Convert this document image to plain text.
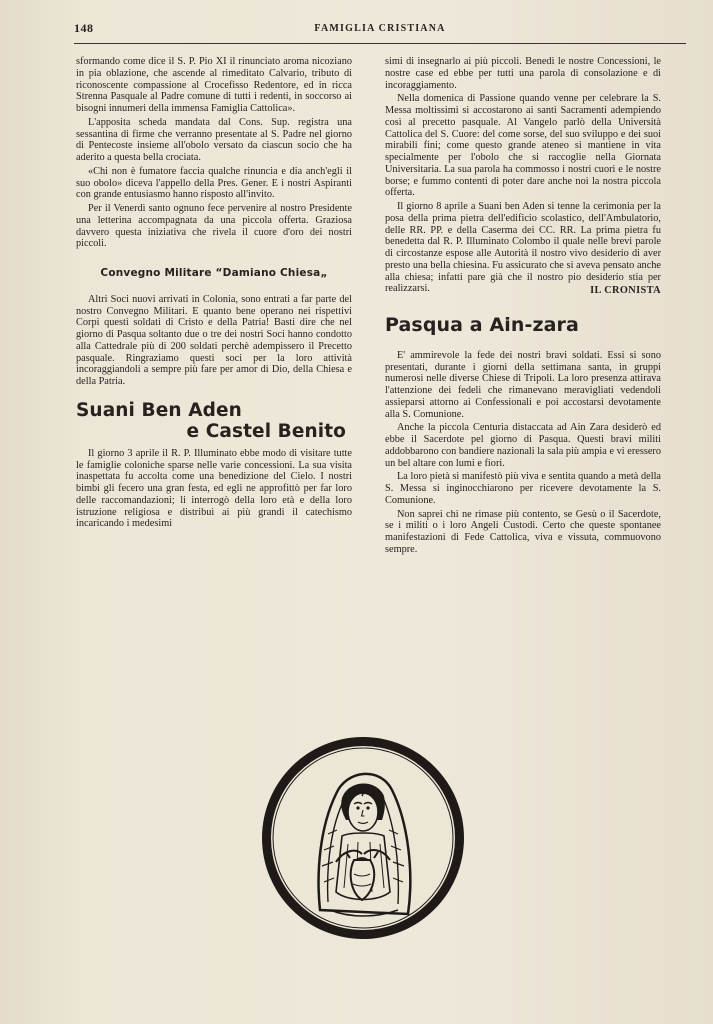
148	FAMIGLIA CRISTIANA

sformando come dice il S. P. Pio XI il rinunciato aroma nicoziano in pia oblazione, che ascende al rimeditato Calvario, tributo di riconoscente compassione al Crocefisso Redentore, ed in ricca Strenna Pasquale al Padre comune di tutti i redenti, in soccorso ai bisogni innumeri della immensa Famiglia Cattolica».

L'apposita scheda mandata dal Cons. Sup. registra una sessantina di firme che verranno presentate al S. Padre nel giorno di Pentecoste insieme all'obolo versato da ciascun socio che ha aderito a questa bella crociata.

«Chi non è fumatore faccia qualche rinuncia e dia anch'egli il suo obolo» diceva l'appello della Pres. Gener. E i nostri Aspiranti con grande entusiasmo hanno risposto all'invito.

Per il Venerdì santo ognuno fece pervenire al nostro Presidente una letterina accompagnata da una piccola offerta. Graziosa davvero questa iniziativa che rivela il cuore d'oro dei nostri piccoli.

Convegno Militare “Damiano Chiesa„

Altri Soci nuovi arrivati in Colonia, sono entrati a far parte del nostro Convegno Militari. E quanto bene operano nei rispettivi Corpi questi soldati di Cristo e della Patria! Basti dire che nel giorno di Pasqua soltanto due o tre dei nostri Soci hanno condotto alla Cattedrale più di 200 soldati perchè adempissero il Precetto pasquale. Ringraziamo questi soci per la loro attività incoraggiandoli a sempre più fare per amor di Dio, della Chiesa e della Patria.

Suani Ben Aden
e Castel Benito

Il giorno 3 aprile il R. P. Illuminato ebbe modo di visitare tutte le famiglie coloniche sparse nelle varie concessioni. La sua visita inaspettata fu accolta come una benedizione del Cielo. I nostri bimbi gli fecero una gran festa, ed egli ne approfittò per far loro delle raccomandazioni; li interrogò della loro età e della loro istruzione religiosa e distribuì ai più grandi il catechismo incaricando i medesimi

simi di insegnarlo ai più piccoli. Benedì le nostre Concessioni, le nostre case ed ebbe per tutti una parola di consolazione e di incoraggiamento.

Nella domenica di Passione quando venne per celebrare la S. Messa moltissimi si accostarono ai santi Sacramenti adempiendo così al precetto pasquale. Al Vangelo parlò della Università Cattolica del S. Cuore: del come sorse, del suo sviluppo e dei suoi mirabili fini; come questo grande ateneo si mantiene in vita specialmente per l'obolo che si raccoglie nella Giornata Universitaria. La sua parola ha commosso i nostri cuori e le nostre borse; e fummo contenti di poter dare anche noi la nostra piccola offerta.

Il giorno 8 aprile a Suani ben Aden si tenne la cerimonia per la posa della prima pietra dell'edificio scolastico, dell'Ambulatorio, delle RR. PP. e della Caserma dei CC. RR. La prima pietra fu benedetta dal R. P. Illuminato Colombo il quale nelle brevi parole di circostanze espose alle Autorità il nostro vivo desiderio di aver presto una bella chiesina. Fu assicurato che si aveva pensato anche alla chiesa; infatti pare già che il nostro pio desiderio stia per realizzarsi.	IL CRONISTA
Pasqua a Ain-zara

E' ammirevole la fede dei nostri bravi soldati. Essi si sono presentati, durante i giorni della settimana santa, in gruppi numerosi nelle diverse Chiese di Tripoli. La loro presenza attirava l'attenzione dei fedeli che rimanevano meravigliati vedendoli assieparsi attorno ai Confessionali e poi accostarsi devotamente alla S. Comunione.

Anche la piccola Centuria distaccata ad Ain Zara desiderò ed ebbe il Sacerdote pel giorno di Pasqua. Questi bravi militi addobbarono con bandiere nazionali la sala più ampia e vi eressero un bel altare con lumi e fiori.

La loro pietà si manifestò più viva e sentita quando a metà della S. Messa si inginocchiarono per ricevere devotamente la S. Comunione.

Non saprei chi ne rimase più contento, se Gesù o il Sacerdote, se i militi o i loro Angeli Custodi. Certo che queste spontanee manifestazioni di Fede Cattolica, viva e vissuta, commuovono sempre.
